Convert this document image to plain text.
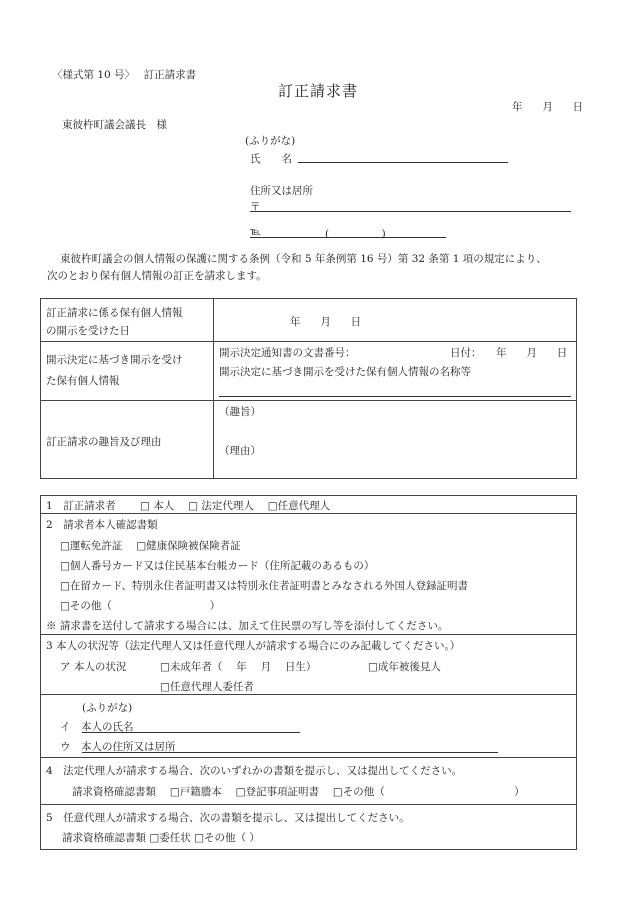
〈様式第 10 号〉　 訂正請求書
訂正請求書
年　 月　 日
東彼杵町議会議長　様
(ふりがな)
氏　　名
住所又は居所
〒
℡	(　　　　　)
東彼杵町議会の個人情報の保護に関する条例（令和 5 年条例第 16 号）第 32 条第 1 項の規定により、
次のとおり保有個人情報の訂正を請求します。
訂正請求に係る保有個人情報
の開示を受けた日
年　 月　 日
開示決定に基づき開示を受け
た保有個人情報
開示決定通知書の文書番号：	日付：　 年　 月　 日
開示決定に基づき開示を受けた保有個人情報の名称等
訂正請求の趣旨及び理由
（趣旨）
（理由）
1　訂正請求者　　 □ 本人　 □ 法定代理人　 □任意代理人
2　請求者本人確認書類
□運転免許証　 □健康保険被保険者証
□個人番号カード又は住民基本台帳カード（住所記載のあるもの）
□在留カード、特別永住者証明書又は特別永住者証明書とみなされる外国人登録証明書
□その他（　　　　　　　　　 ）
※ 請求書を送付して請求する場合には、加えて住民票の写し等を添付してください。
3 本人の状況等（法定代理人又は任意代理人が請求する場合にのみ記載してください。）
ア 本人の状況	□未成年者（　 年　 月　 日生）	□成年被後見人
□任意代理人委任者
(ふりがな)
イ　本人の氏名
ウ　本人の住所又は居所
4　法定代理人が請求する場合、次のいずれかの書類を提示し、又は提出してください。
請求資格確認書類　 □戸籍謄本　 □登記事項証明書　 □その他（　　　　　　　　　　　　 ）
5　任意代理人が請求する場合、次の書類を提示し、又は提出してください。
請求資格確認書類 □委任状 □その他（ ）
